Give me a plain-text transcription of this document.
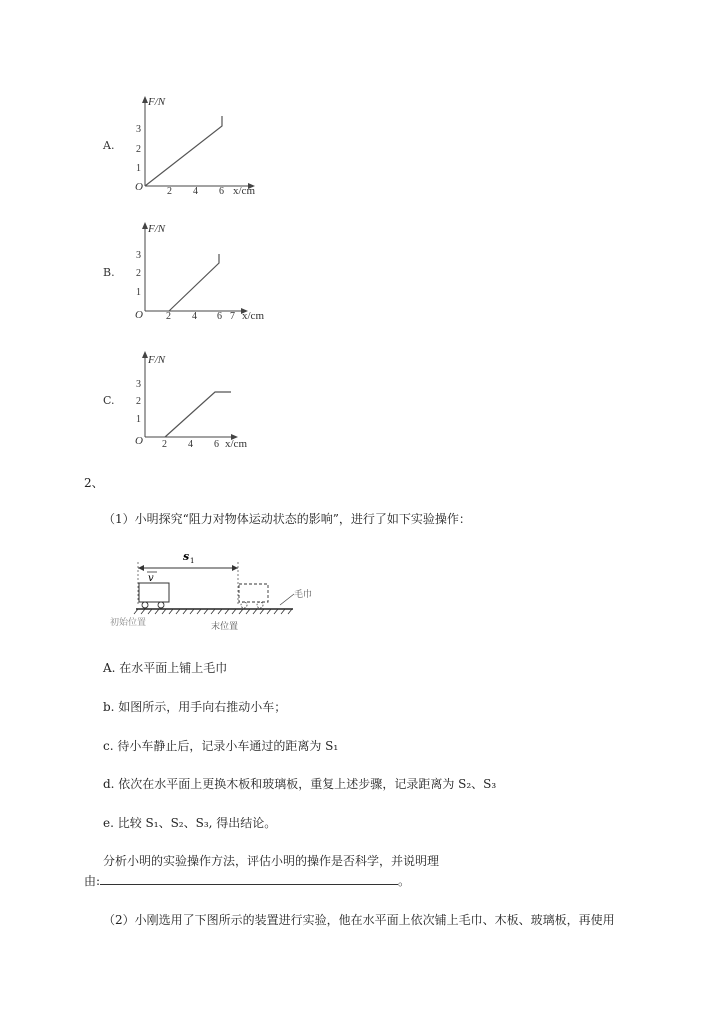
A.
F/N
x/cm
O
1
2
3
2 4 6
B.
F/N
x/cm
O
1
2
3
2 4 6 7
C.
F/N
x/cm
O
1
2
3
2 4 6
2、
（1）小明探究“阻力对物体运动状态的影响”，进行了如下实验操作：
s 1
v
毛巾
初始位置	末位置
A. 在水平面上铺上毛巾
b. 如图所示，用手向右推动小车；
c. 待小车静止后，记录小车通过的距离为 S₁
d. 依次在水平面上更换木板和玻璃板，重复上述步骤，记录距离为 S₂、S₃
e. 比较 S₁、S₂、S₃, 得出结论。
分析小明的实验操作方法，评估小明的操作是否科学，并说明理
由:	。
（2）小刚选用了下图所示的装置进行实验，他在水平面上依次铺上毛巾、木板、玻璃板，再使用
